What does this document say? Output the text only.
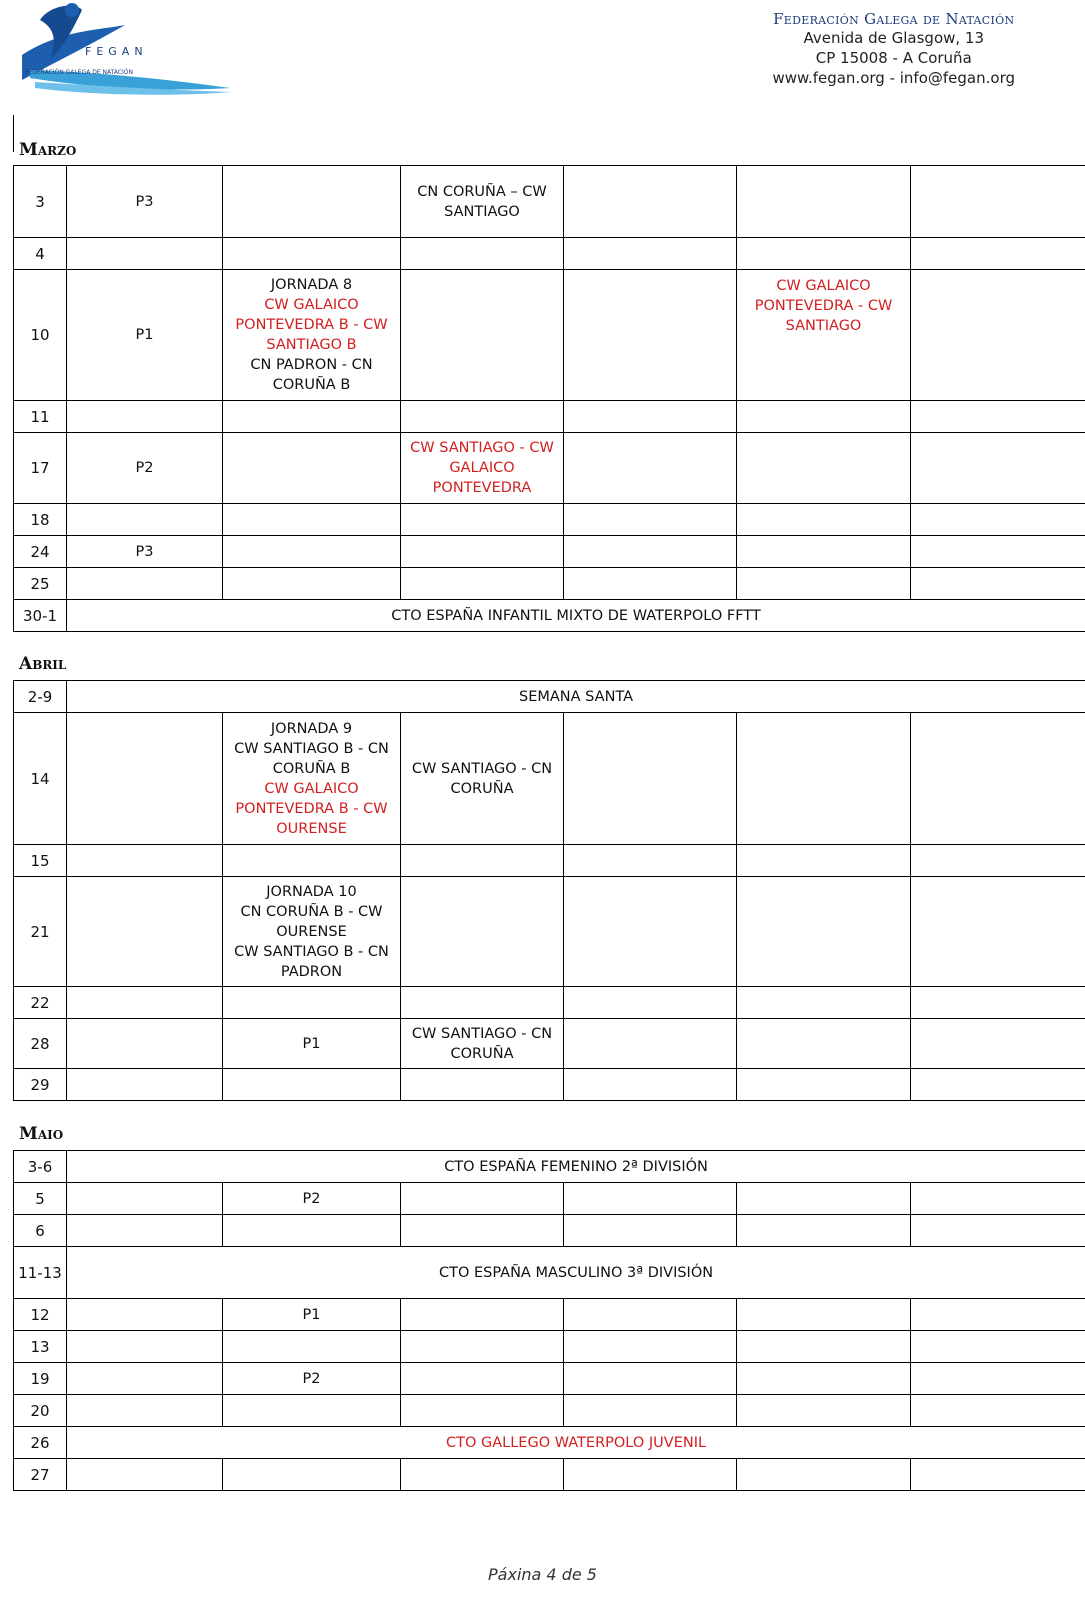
FEGAN
FEDERACIÓN GALEGA DE NATACIÓN
Federación Galega de Natación
Avenida de Glasgow, 13
CP 15008 - A Coruña
www.fegan.org - info@fegan.org
Marzo
3	P3		CN CORUÑA – CW SANTIAGO			
4						
10	P1	JORNADA 8
CW GALAICO PONTEVEDRA B - CW SANTIAGO B
CN PADRON - CN CORUÑA B			CW GALAICO PONTEVEDRA - CW SANTIAGO	
11						
17	P2		CW SANTIAGO - CW GALAICO PONTEVEDRA			
18						
24	P3					
25						
30-1	CTO ESPAÑA INFANTIL MIXTO DE WATERPOLO FFTT					
Abril
2-9	SEMANA SANTA					
14		JORNADA 9
CW SANTIAGO B - CN CORUÑA B
CW GALAICO PONTEVEDRA B - CW OURENSE	CW SANTIAGO - CN CORUÑA			
15						
21		JORNADA 10
CN CORUÑA B - CW OURENSE
CW SANTIAGO B - CN PADRON				

22						
28		P1	CW SANTIAGO - CN CORUÑA			
29						
Maio
3-6	CTO ESPAÑA FEMENINO 2ª DIVISIÓN					
5		P2				
6						
11-13	CTO ESPAÑA MASCULINO 3ª DIVISIÓN					
12		P1				
13						
19		P2				
20						
26	CTO GALLEGO WATERPOLO JUVENIL					
27						
Páxina 4 de 5
